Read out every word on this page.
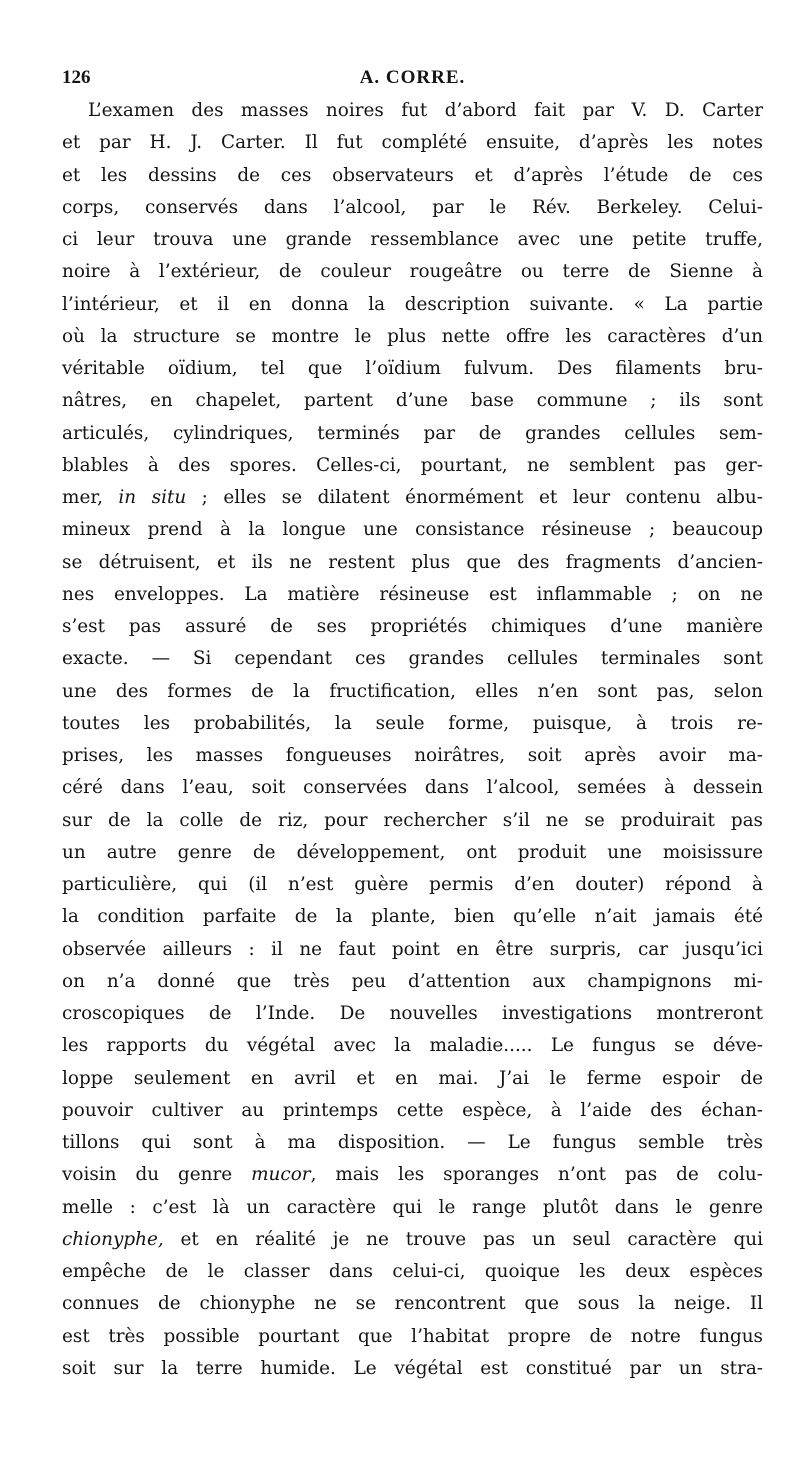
126	A. CORRE.
L’examen des masses noires fut d’abord fait par V. D. Carter
et par H. J. Carter. Il fut complété ensuite, d’après les notes
et les dessins de ces observateurs et d’après l’étude de ces
corps, conservés dans l’alcool, par le Rév. Berkeley. Celui-
ci leur trouva une grande ressemblance avec une petite truffe,
noire à l’extérieur, de couleur rougeâtre ou terre de Sienne à
l’intérieur, et il en donna la description suivante. « La partie
où la structure se montre le plus nette offre les caractères d’un
véritable oïdium, tel que l’oïdium fulvum. Des filaments bru-
nâtres, en chapelet, partent d’une base commune ; ils sont
articulés, cylindriques, terminés par de grandes cellules sem-
blables à des spores. Celles-ci, pourtant, ne semblent pas ger-
mer, in situ ; elles se dilatent énormément et leur contenu albu-
mineux prend à la longue une consistance résineuse ; beaucoup
se détruisent, et ils ne restent plus que des fragments d’ancien-
nes enveloppes. La matière résineuse est inflammable ; on ne
s’est pas assuré de ses propriétés chimiques d’une manière
exacte. — Si cependant ces grandes cellules terminales sont
une des formes de la fructification, elles n’en sont pas, selon
toutes les probabilités, la seule forme, puisque, à trois re-
prises, les masses fongueuses noirâtres, soit après avoir ma-
céré dans l’eau, soit conservées dans l’alcool, semées à dessein
sur de la colle de riz, pour rechercher s’il ne se produirait pas
un autre genre de développement, ont produit une moisissure
particulière, qui (il n’est guère permis d’en douter) répond à
la condition parfaite de la plante, bien qu’elle n’ait jamais été
observée ailleurs : il ne faut point en être surpris, car jusqu’ici
on n’a donné que très peu d’attention aux champignons mi-
croscopiques de l’Inde. De nouvelles investigations montreront
les rapports du végétal avec la maladie..... Le fungus se déve-
loppe seulement en avril et en mai. J’ai le ferme espoir de
pouvoir cultiver au printemps cette espèce, à l’aide des échan-
tillons qui sont à ma disposition. — Le fungus semble très
voisin du genre mucor, mais les sporanges n’ont pas de colu-
melle : c’est là un caractère qui le range plutôt dans le genre
chionyphe, et en réalité je ne trouve pas un seul caractère qui
empêche de le classer dans celui-ci, quoique les deux espèces
connues de chionyphe ne se rencontrent que sous la neige. Il
est très possible pourtant que l’habitat propre de notre fungus
soit sur la terre humide. Le végétal est constitué par un stra-
